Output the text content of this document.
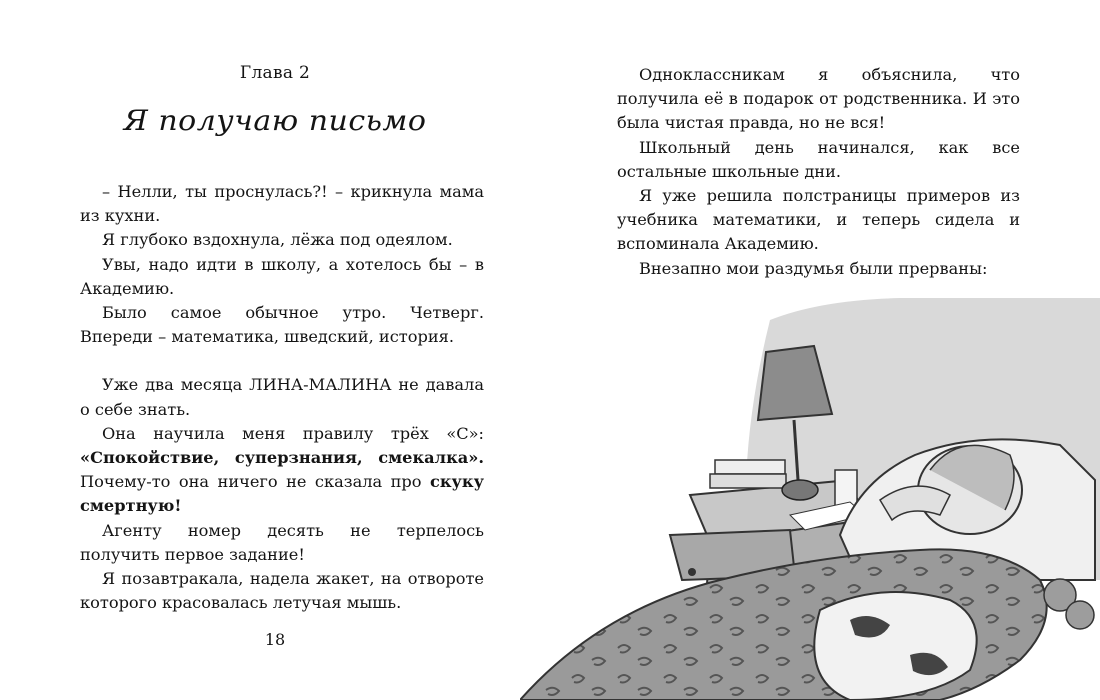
Глава 2
Я получаю письмо

– Нелли, ты проснулась?! – крикнула мама из кухни.

Я глубоко вздохнула, лёжа под одеялом.

Увы, надо идти в школу, а хотелось бы – в Академию.

Было самое обычное утро. Четверг. Впереди – математика, шведский, история.

Уже два месяца ЛИНА-МАЛИНА не давала о себе знать.

Она научила меня правилу трёх «С»: «Спокойствие, суперзнания, смекалка». Почему-то она ничего не сказала про скуку смертную!

Агенту номер десять не терпелось получить первое задание!

Я позавтракала, надела жакет, на отвороте которого красовалась летучая мышь.

18

Одноклассникам я объяснила, что получила её в подарок от родственника. И это была чистая правда, но не вся!

Школьный день начинался, как все остальные школьные дни.

Я уже решила полстраницы примеров из учебника математики, и теперь сидела и вспоминала Академию.

Внезапно мои раздумья были прерваны:
